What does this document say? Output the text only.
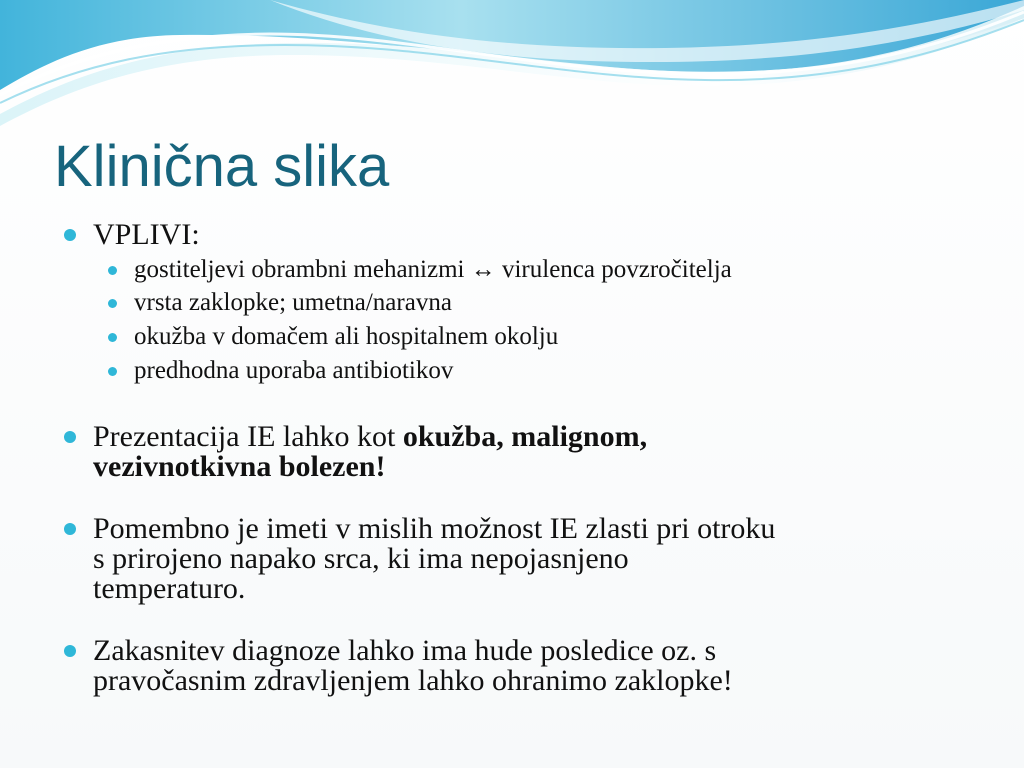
Klinična slika
VPLIVI:
gostiteljevi obrambni mehanizmi ↔ virulenca povzročitelja
vrsta zaklopke; umetna/naravna
okužba v domačem ali hospitalnem okolju
predhodna uporaba antibiotikov
Prezentacija IE lahko kot okužba, malignom,
vezivnotkivna bolezen!
Pomembno je imeti v mislih možnost IE zlasti pri otroku
s prirojeno napako srca, ki ima nepojasnjeno
temperaturo.
Zakasnitev diagnoze lahko ima hude posledice oz. s
pravočasnim zdravljenjem lahko ohranimo zaklopke!
